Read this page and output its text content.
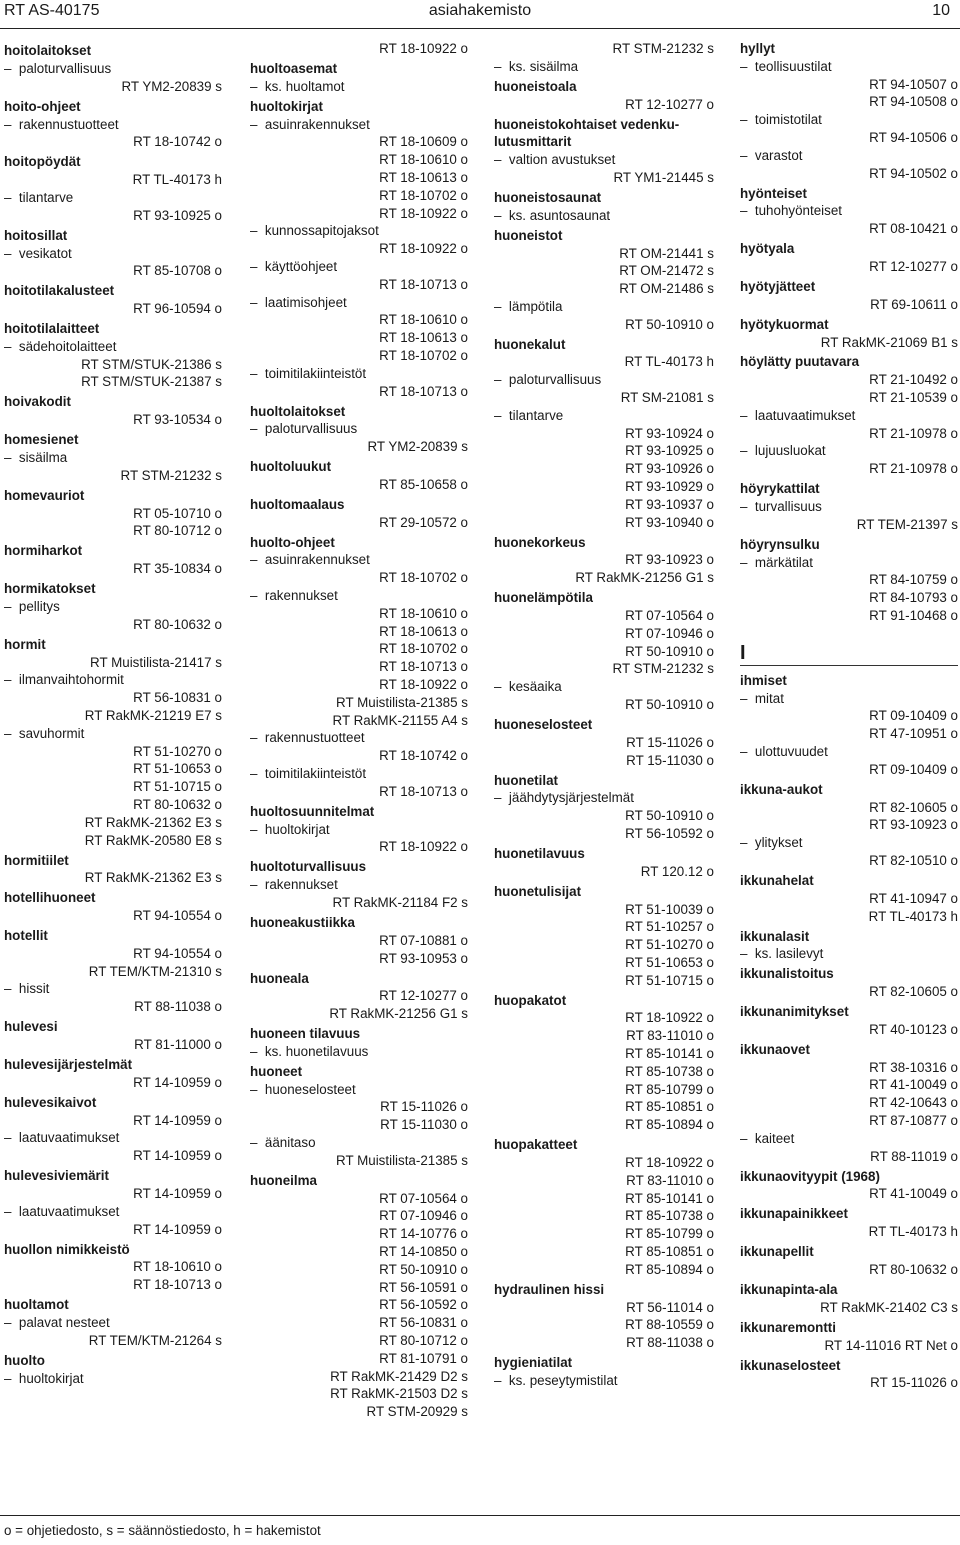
RT AS-40175	asiahakemisto	10
hoitolaitokset
–  paloturvallisuus
RT YM2-20839 s
hoito-ohjeet
–  rakennustuotteet
RT 18-10742 o
hoitopöydät
RT TL-40173 h
–  tilantarve
RT 93-10925 o
hoitosillat
–  vesikatot
RT 85-10708 o
hoitotilakalusteet
RT 96-10594 o
hoitotilalaitteet
–  sädehoitolaitteet
RT STM/STUK-21386 s
RT STM/STUK-21387 s
hoivakodit
RT 93-10534 o
homesienet
–  sisäilma
RT STM-21232 s
homevauriot
RT 05-10710 o
RT 80-10712 o
hormiharkot
RT 35-10834 o
hormikatokset
–  pellitys
RT 80-10632 o
hormit
RT Muistilista-21417 s
–  ilmanvaihtohormit
RT 56-10831 o
RT RakMK-21219 E7 s
–  savuhormit
RT 51-10270 o
RT 51-10653 o
RT 51-10715 o
RT 80-10632 o
RT RakMK-21362 E3 s
RT RakMK-20580 E8 s
hormitiilet
RT RakMK-21362 E3 s
hotellihuoneet
RT 94-10554 o
hotellit
RT 94-10554 o
RT TEM/KTM-21310 s
–  hissit
RT 88-11038 o
hulevesi
RT 81-11000 o
hulevesijärjestelmät
RT 14-10959 o
hulevesikaivot
RT 14-10959 o
–  laatuvaatimukset
RT 14-10959 o
hulevesiviemärit
RT 14-10959 o
–  laatuvaatimukset
RT 14-10959 o
huollon nimikkeistö
RT 18-10610 o
RT 18-10713 o
huoltamot
–  palavat nesteet
RT TEM/KTM-21264 s
huolto
–  huoltokirjat
RT 18-10922 o
huoltoasemat
–  ks. huoltamot
huoltokirjat
–  asuinrakennukset
RT 18-10609 o
RT 18-10610 o
RT 18-10613 o
RT 18-10702 o
RT 18-10922 o
–  kunnossapitojaksot
RT 18-10922 o
–  käyttöohjeet
RT 18-10713 o
–  laatimisohjeet
RT 18-10610 o
RT 18-10613 o
RT 18-10702 o
–  toimitilakiinteistöt
RT 18-10713 o
huoltolaitokset
–  paloturvallisuus
RT YM2-20839 s
huoltoluukut
RT 85-10658 o
huoltomaalaus
RT 29-10572 o
huolto-ohjeet
–  asuinrakennukset
RT 18-10702 o
–  rakennukset
RT 18-10610 o
RT 18-10613 o
RT 18-10702 o
RT 18-10713 o
RT 18-10922 o
RT Muistilista-21385 s
RT RakMK-21155 A4 s
–  rakennustuotteet
RT 18-10742 o
–  toimitilakiinteistöt
RT 18-10713 o
huoltosuunnitelmat
–  huoltokirjat
RT 18-10922 o
huoltoturvallisuus
–  rakennukset
RT RakMK-21184 F2 s
huoneakustiikka
RT 07-10881 o
RT 93-10953 o
huoneala
RT 12-10277 o
RT RakMK-21256 G1 s
huoneen tilavuus
–  ks. huonetilavuus
huoneet
–  huoneselosteet
RT 15-11026 o
RT 15-11030 o
–  äänitaso
RT Muistilista-21385 s
huoneilma
RT 07-10564 o
RT 07-10946 o
RT 14-10776 o
RT 14-10850 o
RT 50-10910 o
RT 56-10591 o
RT 56-10592 o
RT 56-10831 o
RT 80-10712 o
RT 81-10791 o
RT RakMK-21429 D2 s
RT RakMK-21503 D2 s
RT STM-20929 s
RT STM-21232 s
–  ks. sisäilma
huoneistoala
RT 12-10277 o
huoneistokohtaiset vedenku-
lutusmittarit
–  valtion avustukset
RT YM1-21445 s
huoneistosaunat
–  ks. asuntosaunat
huoneistot
RT OM-21441 s
RT OM-21472 s
RT OM-21486 s
–  lämpötila
RT 50-10910 o
huonekalut
RT TL-40173 h
–  paloturvallisuus
RT SM-21081 s
–  tilantarve
RT 93-10924 o
RT 93-10925 o
RT 93-10926 o
RT 93-10929 o
RT 93-10937 o
RT 93-10940 o
huonekorkeus
RT 93-10923 o
RT RakMK-21256 G1 s
huonelämpötila
RT 07-10564 o
RT 07-10946 o
RT 50-10910 o
RT STM-21232 s
–  kesäaika
RT 50-10910 o
huoneselosteet
RT 15-11026 o
RT 15-11030 o
huonetilat
–  jäähdytysjärjestelmät
RT 50-10910 o
RT 56-10592 o
huonetilavuus
RT 120.12 o
huonetulisijat
RT 51-10039 o
RT 51-10257 o
RT 51-10270 o
RT 51-10653 o
RT 51-10715 o
huopakatot
RT 18-10922 o
RT 83-11010 o
RT 85-10141 o
RT 85-10738 o
RT 85-10799 o
RT 85-10851 o
RT 85-10894 o
huopakatteet
RT 18-10922 o
RT 83-11010 o
RT 85-10141 o
RT 85-10738 o
RT 85-10799 o
RT 85-10851 o
RT 85-10894 o
hydraulinen hissi
RT 56-11014 o
RT 88-10559 o
RT 88-11038 o
hygieniatilat
–  ks. peseytymistilat
hyllyt
–  teollisuustilat
RT 94-10507 o
RT 94-10508 o
–  toimistotilat
RT 94-10506 o
–  varastot
RT 94-10502 o
hyönteiset
–  tuhohyönteiset
RT 08-10421 o
hyötyala
RT 12-10277 o
hyötyjätteet
RT 69-10611 o
hyötykuormat
RT RakMK-21069 B1 s
höylätty puutavara
RT 21-10492 o
RT 21-10539 o
–  laatuvaatimukset
RT 21-10978 o
–  lujuusluokat
RT 21-10978 o
höyrykattilat
–  turvallisuus
RT TEM-21397 s
höyrynsulku
–  märkätilat
RT 84-10759 o
RT 84-10793 o
RT 91-10468 o
I
ihmiset
–  mitat
RT 09-10409 o
RT 47-10951 o
–  ulottuvuudet
RT 09-10409 o
ikkuna-aukot
RT 82-10605 o
RT 93-10923 o
–  ylitykset
RT 82-10510 o
ikkunahelat
RT 41-10947 o
RT TL-40173 h
ikkunalasit
–  ks. lasilevyt
ikkunalistoitus
RT 82-10605 o
ikkunanimitykset
RT 40-10123 o
ikkunaovet
RT 38-10316 o
RT 41-10049 o
RT 42-10643 o
RT 87-10877 o
–  kaiteet
RT 88-11019 o
ikkunaovityypit (1968)
RT 41-10049 o
ikkunapainikkeet
RT TL-40173 h
ikkunapellit
RT 80-10632 o
ikkunapinta-ala
RT RakMK-21402 C3 s
ikkunaremontti
RT 14-11016 RT Net o
ikkunaselosteet
RT 15-11026 o
o = ohjetiedosto, s = säännöstiedosto, h = hakemistot
